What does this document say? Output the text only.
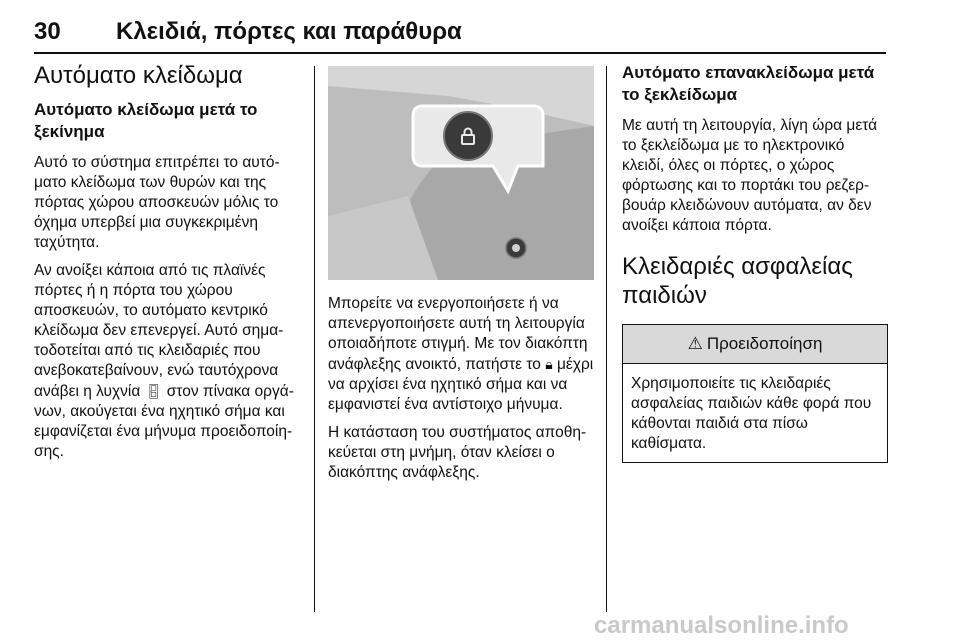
30 Κλειδιά, πόρτες και παράθυρα
Αυτόματο κλείδωμα
Αυτόματο κλείδωμα μετά το ξεκίνημα

Αυτό το σύστημα επιτρέπει το αυτό-ματο κλείδωμα των θυρών και της πόρτας χώρου αποσκευών μόλις το όχημα υπερβεί μια συγκεκριμένη ταχύτητα.

Αν ανοίξει κάποια από τις πλαϊνές πόρτες ή η πόρτα του χώρου αποσκευών, το αυτόματο κεντρικό κλείδωμα δεν επενεργεί. Αυτό σημα-τοδοτείται από τις κλειδαριές που ανεβοκατεβαίνουν, ενώ ταυτόχρονα ανάβει η λυχνία 🚪︎ στον πίνακα οργά-νων, ακούγεται ένα ηχητικό σήμα και εμφανίζεται ένα μήνυμα προειδοποίη-σης.

Μπορείτε να ενεργοποιήσετε ή να απενεργοποιήσετε αυτή τη λειτουργία οποιαδήποτε στιγμή. Με τον διακόπτη ανάφλεξης ανοικτό, πατήστε το 🔒︎ μέχρι να αρχίσει ένα ηχητικό σήμα και να εμφανιστεί ένα αντίστοιχο μήνυμα.

Η κατάσταση του συστήματος αποθη-κεύεται στη μνήμη, όταν κλείσει ο διακόπτης ανάφλεξης.

Αυτόματο επανακλείδωμα μετά το ξεκλείδωμα

Με αυτή τη λειτουργία, λίγη ώρα μετά το ξεκλείδωμα με το ηλεκτρονικό κλειδί, όλες οι πόρτες, ο χώρος φόρτωσης και το πορτάκι του ρεζερ-βουάρ κλειδώνουν αυτόματα, αν δεν ανοίξει κάποια πόρτα.

Κλειδαριές ασφαλείας παιδιών
⚠ Προειδοποίηση
Χρησιμοποιείτε τις κλειδαριές ασφαλείας παιδιών κάθε φορά που κάθονται παιδιά στα πίσω καθίσματα.
carmanualsonline.info
